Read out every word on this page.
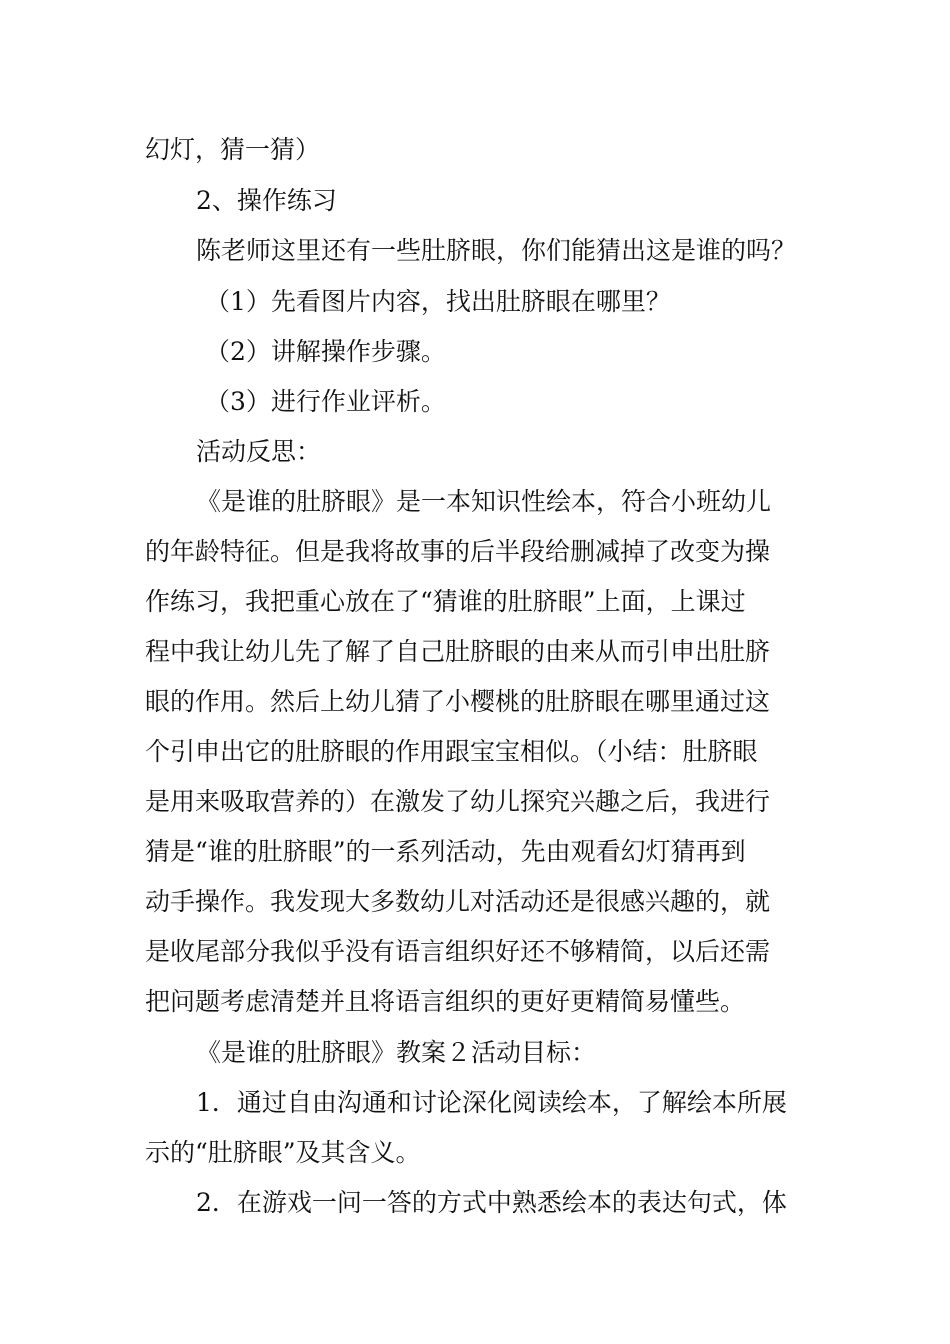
幻灯，猜一猜）
2、操作练习
陈老师这里还有一些肚脐眼，你们能猜出这是谁的吗？
（1）先看图片内容，找出肚脐眼在哪里？
（2）讲解操作步骤。
（3）进行作业评析。
活动反思：
《是谁的肚脐眼》是一本知识性绘本，符合小班幼儿
的年龄特征。但是我将故事的后半段给删减掉了改变为操
作练习，我把重心放在了“猜谁的肚脐眼”上面，上课过
程中我让幼儿先了解了自己肚脐眼的由来从而引申出肚脐
眼的作用。然后上幼儿猜了小樱桃的肚脐眼在哪里通过这
个引申出它的肚脐眼的作用跟宝宝相似。（小结：肚脐眼
是用来吸取营养的）在激发了幼儿探究兴趣之后，我进行
猜是“谁的肚脐眼”的一系列活动，先由观看幻灯猜再到
动手操作。我发现大多数幼儿对活动还是很感兴趣的，就
是收尾部分我似乎没有语言组织好还不够精简，以后还需
把问题考虑清楚并且将语言组织的更好更精简易懂些。
《是谁的肚脐眼》教案２活动目标：
1．通过自由沟通和讨论深化阅读绘本，了解绘本所展
示的“肚脐眼”及其含义。
2．在游戏一问一答的方式中熟悉绘本的表达句式，体
